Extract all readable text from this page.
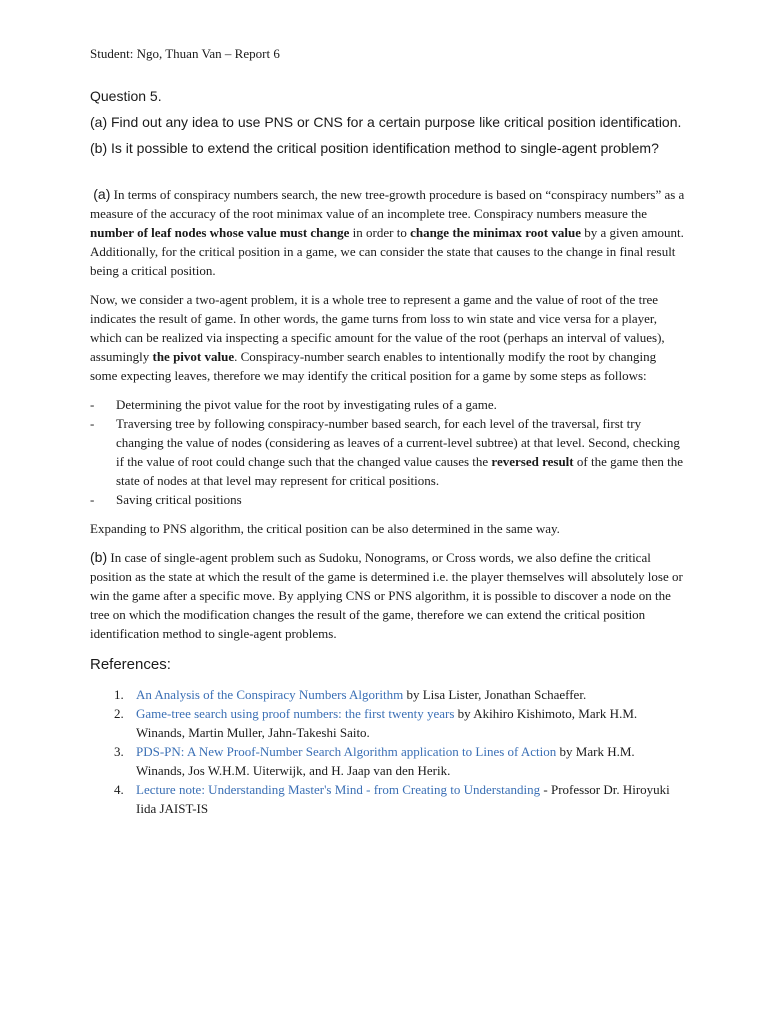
Student: Ngo, Thuan Van – Report 6
Question 5.
(a) Find out any idea to use PNS or CNS for a certain purpose like critical position identification.
(b) Is it possible to extend the critical position identification method to single-agent problem?

(a) In terms of conspiracy numbers search, the new tree-growth procedure is based on “conspiracy numbers” as a measure of the accuracy of the root minimax value of an incomplete tree. Conspiracy numbers measure the number of leaf nodes whose value must change in order to change the minimax root value by a given amount. Additionally, for the critical position in a game, we can consider the state that causes to the change in final result being a critical position.

Now, we consider a two-agent problem, it is a whole tree to represent a game and the value of root of the tree indicates the result of game. In other words, the game turns from loss to win state and vice versa for a player, which can be realized via inspecting a specific amount for the value of the root (perhaps an interval of values), assumingly the pivot value. Conspiracy-number search enables to intentionally modify the root by changing some expecting leaves, therefore we may identify the critical position for a game by some steps as follows:

- Determining the pivot value for the root by investigating rules of a game.
- Traversing tree by following conspiracy-number based search, for each level of the traversal, first try changing the value of nodes (considering as leaves of a current-level subtree) at that level. Second, checking if the value of root could change such that the changed value causes the reversed result of the game then the state of nodes at that level may represent for critical positions.
- Saving critical positions

Expanding to PNS algorithm, the critical position can be also determined in the same way.

(b) In case of single-agent problem such as Sudoku, Nonograms, or Cross words, we also define the critical position as the state at which the result of the game is determined i.e. the player themselves will absolutely lose or win the game after a specific move. By applying CNS or PNS algorithm, it is possible to discover a node on the tree on which the modification changes the result of the game, therefore we can extend the critical position identification method to single-agent problems.

References:
1. An Analysis of the Conspiracy Numbers Algorithm by Lisa Lister, Jonathan Schaeffer.
2. Game-tree search using proof numbers: the first twenty years by Akihiro Kishimoto, Mark H.M. Winands, Martin Muller, Jahn-Takeshi Saito.
3. PDS-PN: A New Proof-Number Search Algorithm application to Lines of Action by Mark H.M. Winands, Jos W.H.M. Uiterwijk, and H. Jaap van den Herik.
4. Lecture note: Understanding Master's Mind - from Creating to Understanding - Professor Dr. Hiroyuki Iida JAIST-IS
